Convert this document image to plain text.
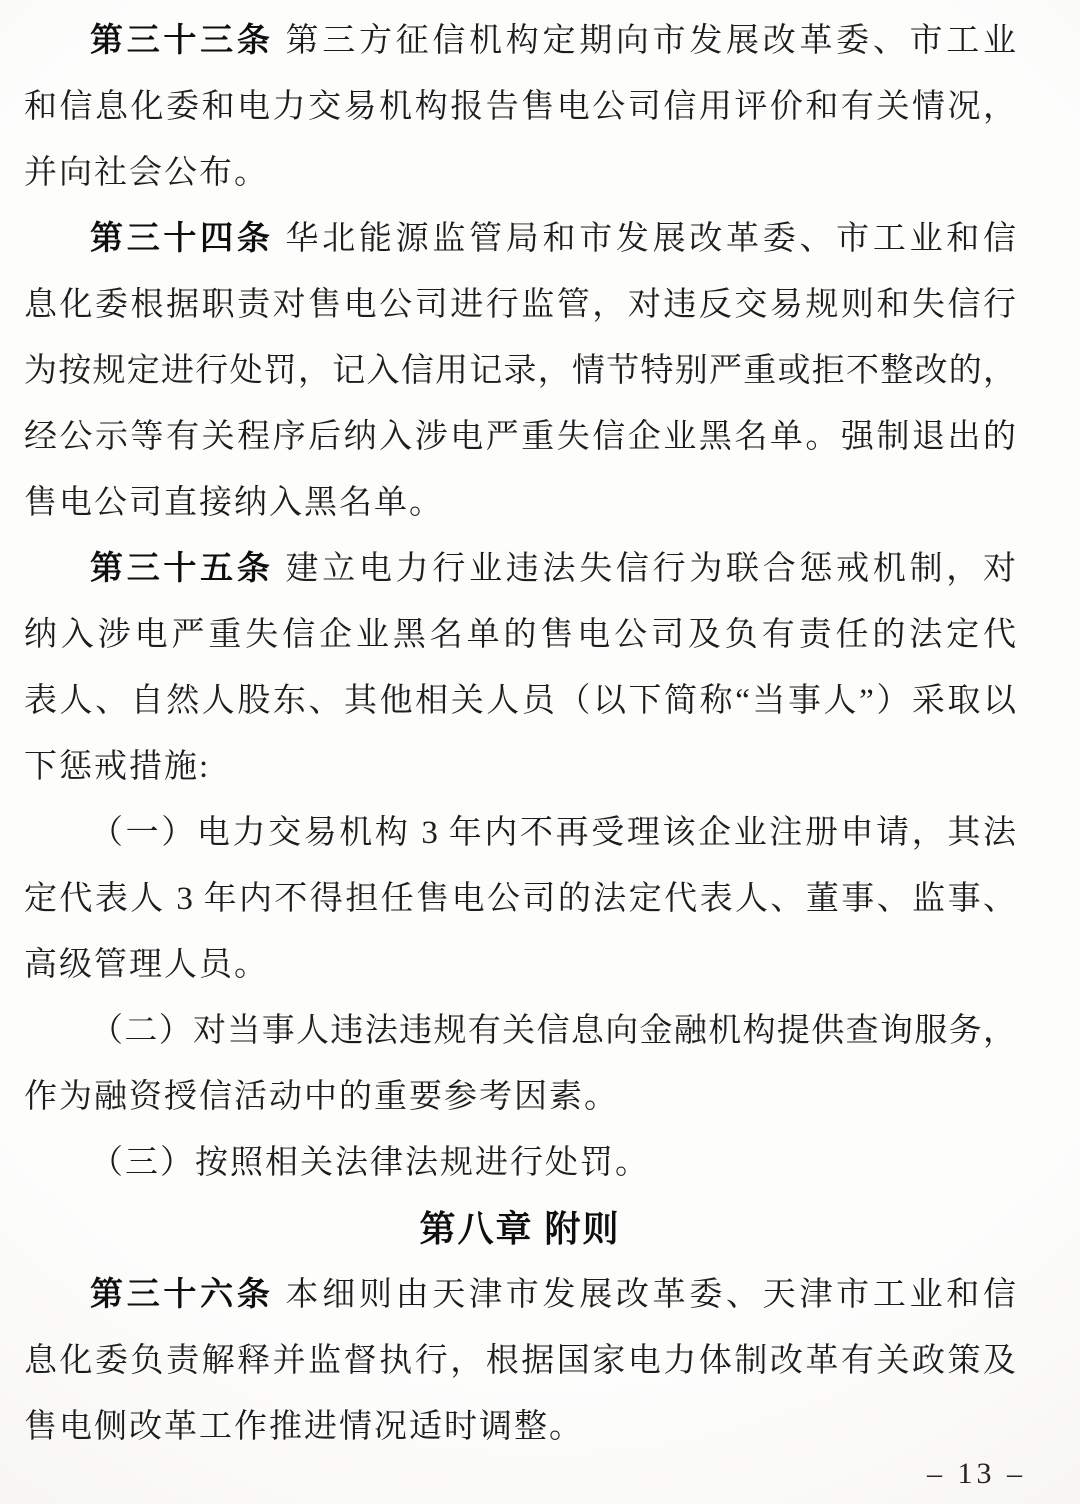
第三十三条 第三方征信机构定期向市发展改革委、市工业
和信息化委和电力交易机构报告售电公司信用评价和有关情况，
并向社会公布。
第三十四条 华北能源监管局和市发展改革委、市工业和信
息化委根据职责对售电公司进行监管，对违反交易规则和失信行
为按规定进行处罚，记入信用记录，情节特别严重或拒不整改的，
经公示等有关程序后纳入涉电严重失信企业黑名单。强制退出的
售电公司直接纳入黑名单。
第三十五条 建立电力行业违法失信行为联合惩戒机制，对
纳入涉电严重失信企业黑名单的售电公司及负有责任的法定代
表人、自然人股东、其他相关人员（以下简称“当事人”）采取以
下惩戒措施:
（一）电力交易机构 3 年内不再受理该企业注册申请，其法
定代表人 3 年内不得担任售电公司的法定代表人、董事、监事、
高级管理人员。
（二）对当事人违法违规有关信息向金融机构提供查询服务，
作为融资授信活动中的重要参考因素。
（三）按照相关法律法规进行处罚。
第八章 附则
第三十六条 本细则由天津市发展改革委、天津市工业和信
息化委负责解释并监督执行，根据国家电力体制改革有关政策及
售电侧改革工作推进情况适时调整。
– 13 –
